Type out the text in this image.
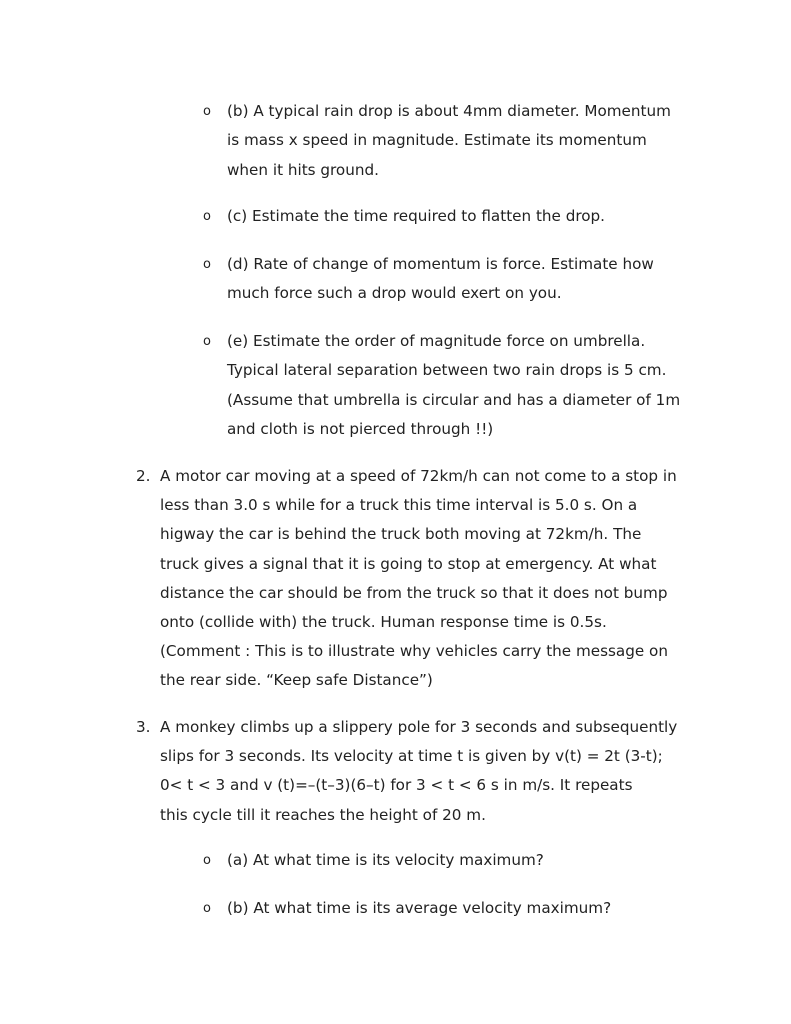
o (b) A typical rain drop is about 4mm diameter. Momentum
is mass x speed in magnitude. Estimate its momentum
when it hits ground.
o (c) Estimate the time required to flatten the drop.
o (d) Rate of change of momentum is force. Estimate how
much force such a drop would exert on you.
o (e) Estimate the order of magnitude force on umbrella.
Typical lateral separation between two rain drops is 5 cm.
(Assume that umbrella is circular and has a diameter of 1m
and cloth is not pierced through !!)
2. A motor car moving at a speed of 72km/h can not come to a stop in
less than 3.0 s while for a truck this time interval is 5.0 s. On a
higway the car is behind the truck both moving at 72km/h. The
truck gives a signal that it is going to stop at emergency. At what
distance the car should be from the truck so that it does not bump
onto (collide with) the truck. Human response time is 0.5s.
(Comment : This is to illustrate why vehicles carry the message on
the rear side. “Keep safe Distance”)
3. A monkey climbs up a slippery pole for 3 seconds and subsequently
slips for 3 seconds. Its velocity at time t is given by v(t) = 2t (3-t);
0< t < 3 and v (t)=–(t–3)(6–t) for 3 < t < 6 s in m/s. It repeats
this cycle till it reaches the height of 20 m.
o (a) At what time is its velocity maximum?
o (b) At what time is its average velocity maximum?
